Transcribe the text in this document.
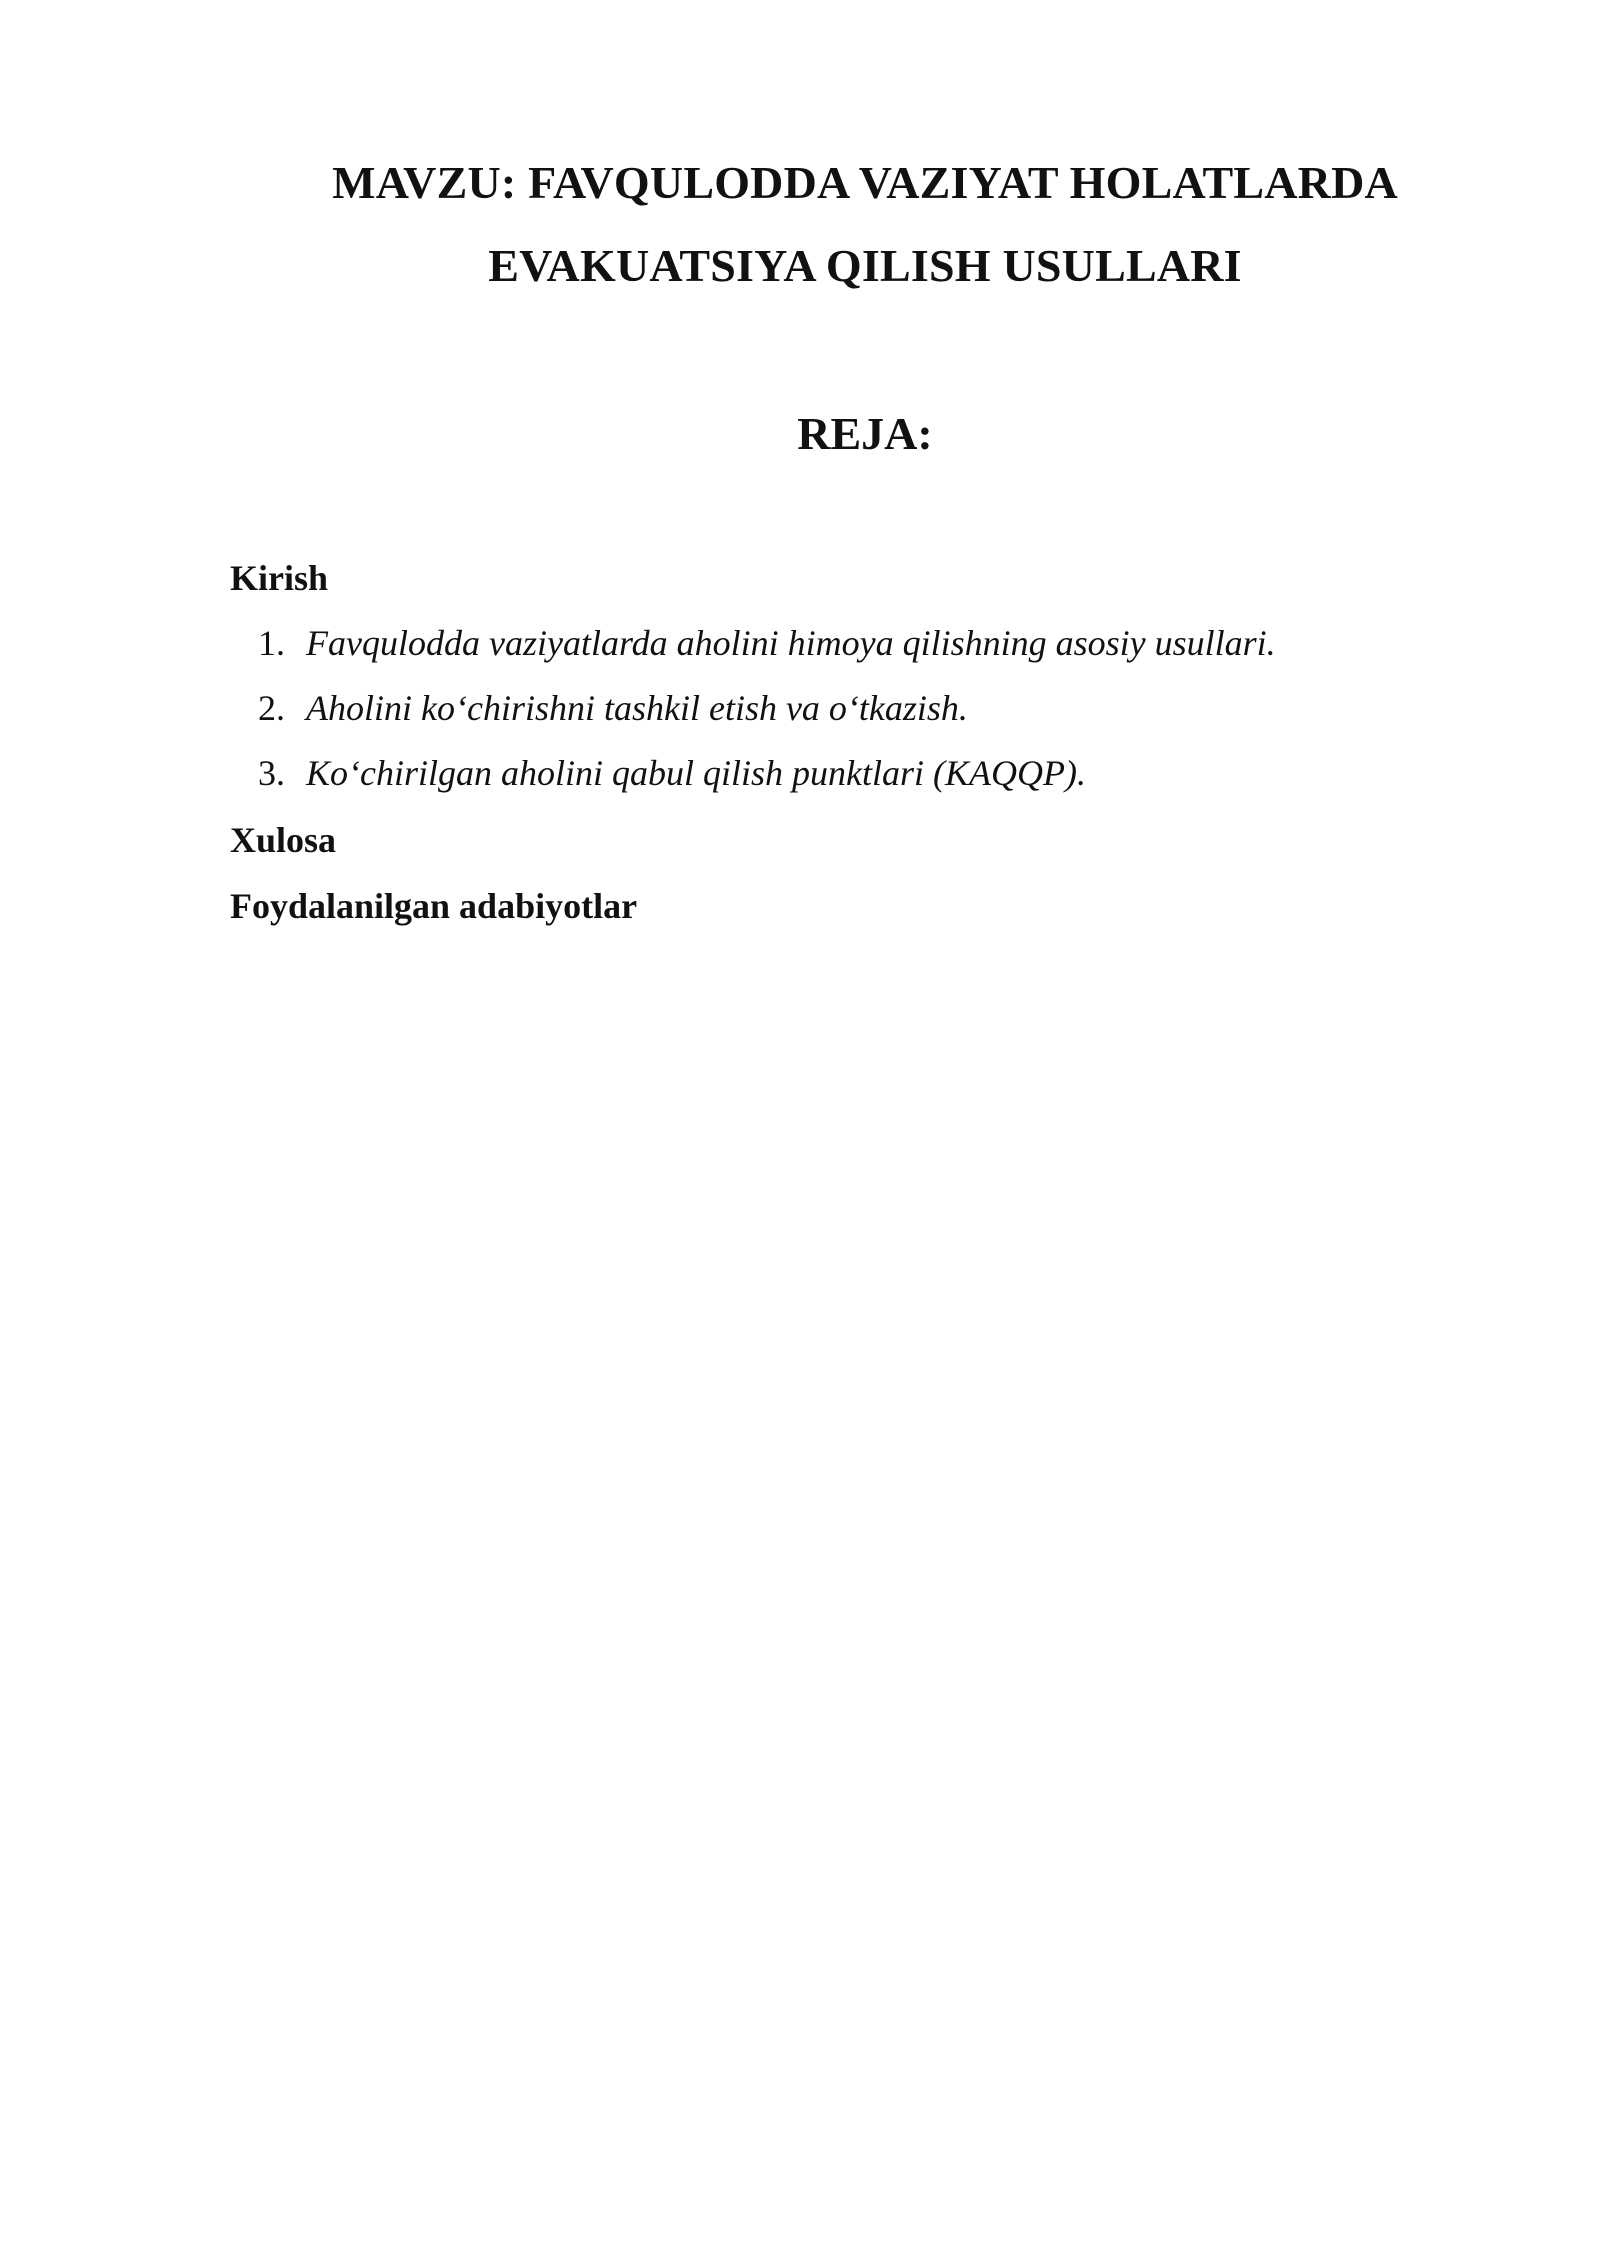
MAVZU: FAVQULODDA VAZIYAT HOLATLARDA
EVAKUATSIYA QILISH USULLARI
REJA:
Kirish
1. Favqulodda vaziyatlarda aholini himoya qilishning asosiy usullari.
2. Aholini ko‘chirishni tashkil etish va o‘tkazish.
3. Ko‘chirilgan aholini qabul qilish punktlari (KAQQP).
Xulosa
Foydalanilgan adabiyotlar
